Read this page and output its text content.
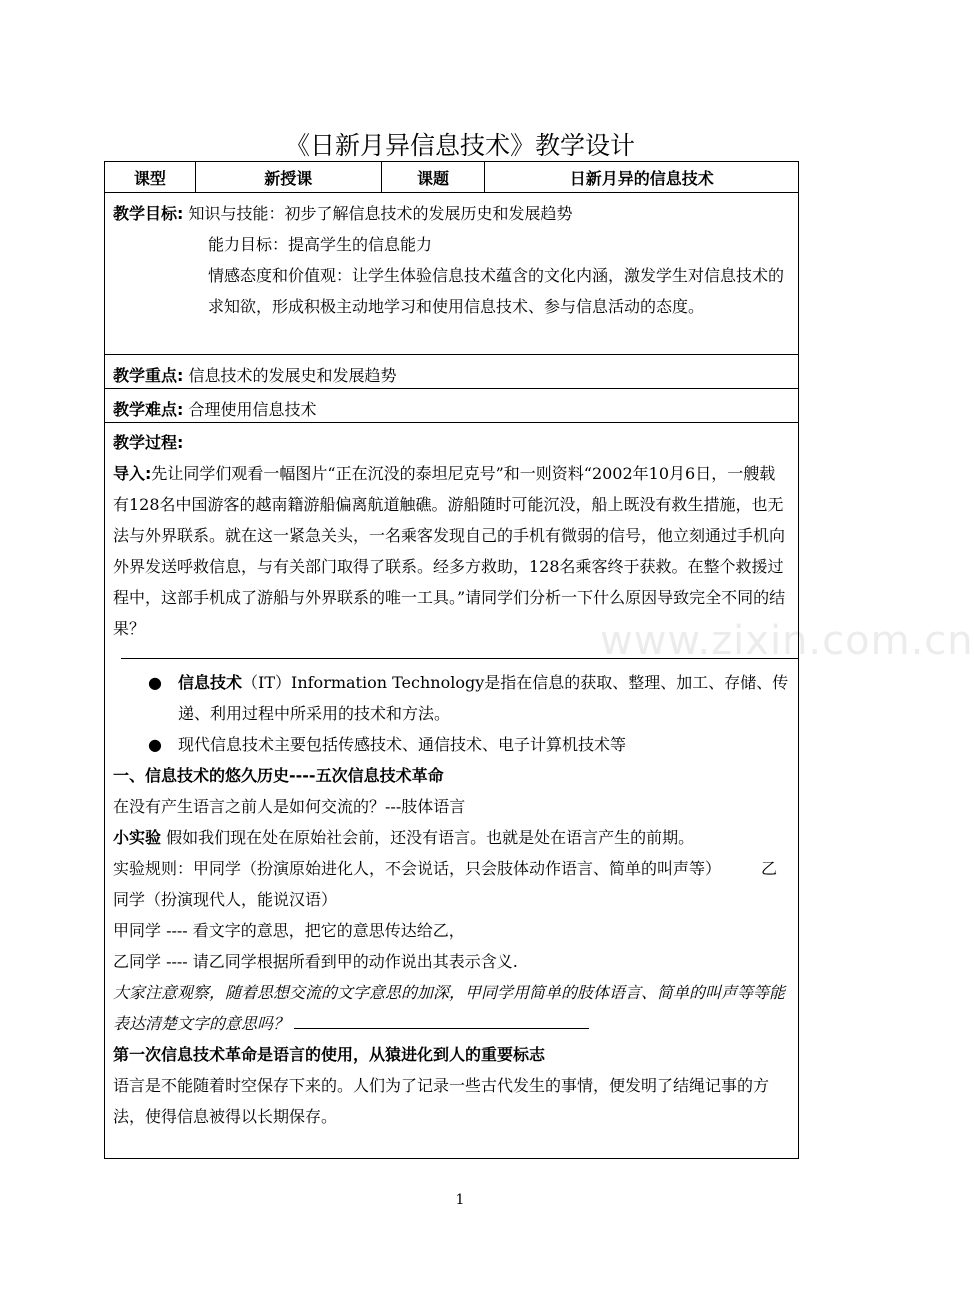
《日新月异信息技术》教学设计
www.zixin.com.cn
课型	新授课	课题	日新月异的信息技术

教学目标: 知识与技能：初步了解信息技术的发展历史和发展趋势
能力目标：提高学生的信息能力
情感态度和价值观：让学生体验信息技术蕴含的文化内涵，激发学生对信息技术的求知欲，形成积极主动地学习和使用信息技术、参与信息活动的态度。

教学重点: 信息技术的发展史和发展趋势

教学难点: 合理使用信息技术

教学过程:
导入:先让同学们观看一幅图片“正在沉没的泰坦尼克号”和一则资料“2002年10月6日，一艘载有128名中国游客的越南籍游船偏离航道触礁。游船随时可能沉没，船上既没有救生措施，也无法与外界联系。就在这一紧急关头，一名乘客发现自己的手机有微弱的信号，他立刻通过手机向外界发送呼救信息，与有关部门取得了联系。经多方救助，128名乘客终于获救。在整个救援过程中，这部手机成了游船与外界联系的唯一工具。”请同学们分析一下什么原因导致完全不同的结果？
● 信息技术（IT）Information Technology是指在信息的获取、整理、加工、存储、传递、利用过程中所采用的技术和方法。
● 现代信息技术主要包括传感技术、通信技术、电子计算机技术等
一、信息技术的悠久历史----五次信息技术革命
在没有产生语言之前人是如何交流的？---肢体语言
小实验 假如我们现在处在原始社会前，还没有语言。也就是处在语言产生的前期。
实验规则：甲同学（扮演原始进化人，不会说话，只会肢体动作语言、简单的叫声等）　　　乙同学（扮演现代人，能说汉语）
甲同学 ---- 看文字的意思，把它的意思传达给乙，
乙同学 ---- 请乙同学根据所看到甲的动作说出其表示含义.
大家注意观察，随着思想交流的文字意思的加深，甲同学用简单的肢体语言、简单的叫声等等能表达清楚文字的意思吗？
第一次信息技术革命是语言的使用，从猿进化到人的重要标志
语言是不能随着时空保存下来的。人们为了记录一些古代发生的事情，便发明了结绳记事的方法，使得信息被得以长期保存。
1
